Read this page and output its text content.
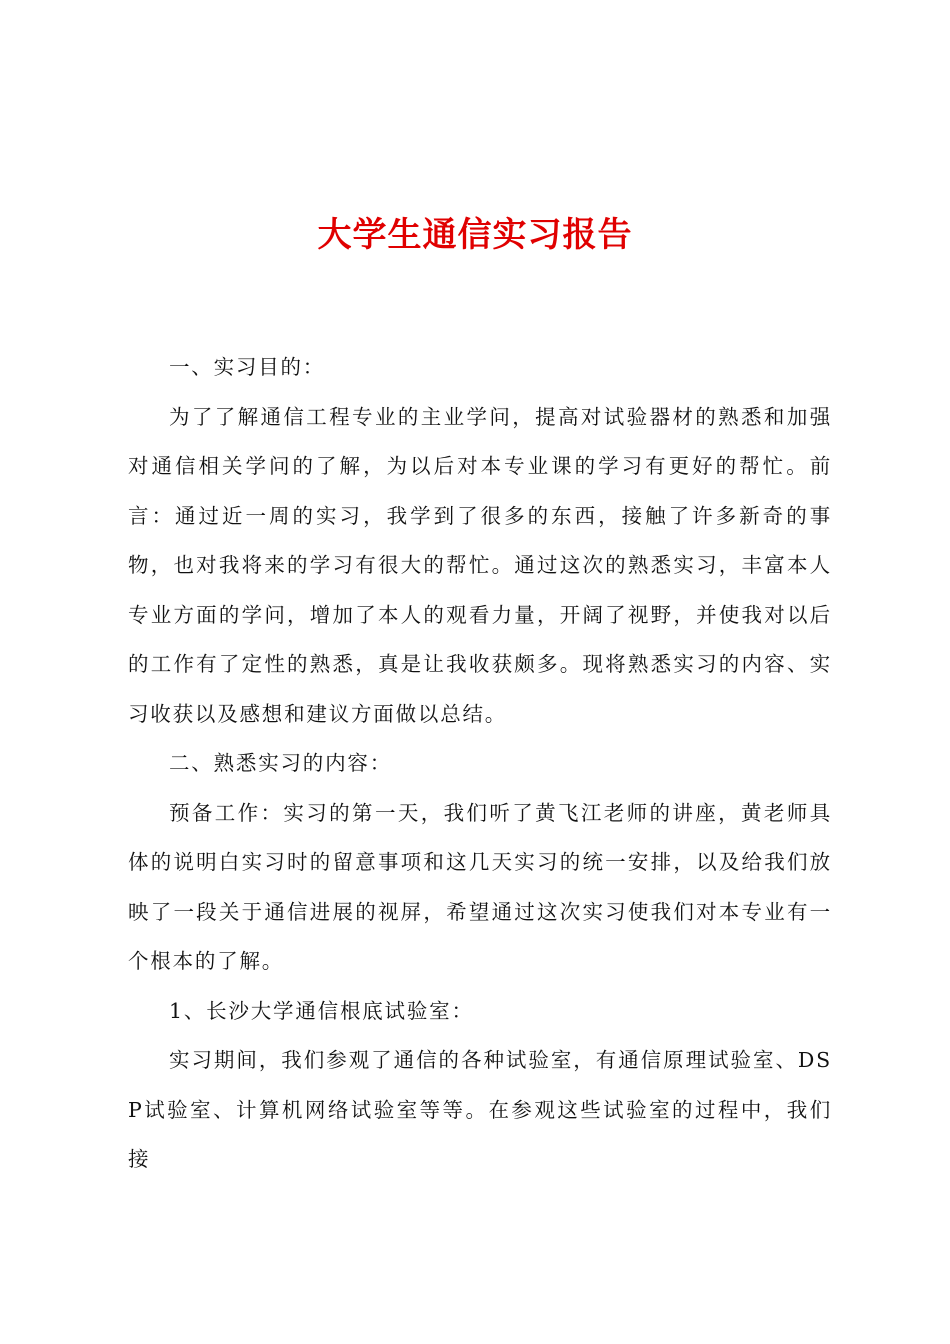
大学生通信实习报告

一、实习目的：

为了了解通信工程专业的主业学问，提高对试验器材的熟悉和加强对通信相关学问的了解，为以后对本专业课的学习有更好的帮忙。前言：通过近一周的实习，我学到了很多的东西，接触了许多新奇的事物，也对我将来的学习有很大的帮忙。通过这次的熟悉实习，丰富本人专业方面的学问，增加了本人的观看力量，开阔了视野，并使我对以后的工作有了定性的熟悉，真是让我收获颇多。现将熟悉实习的内容、实习收获以及感想和建议方面做以总结。

二、熟悉实习的内容：

预备工作：实习的第一天，我们听了黄飞江老师的讲座，黄老师具体的说明白实习时的留意事项和这几天实习的统一安排，以及给我们放映了一段关于通信进展的视屏，希望通过这次实习使我们对本专业有一个根本的了解。

1、长沙大学通信根底试验室：

实习期间，我们参观了通信的各种试验室，有通信原理试验室、DSP试验室、计算机网络试验室等等。在参观这些试验室的过程中，我们接
